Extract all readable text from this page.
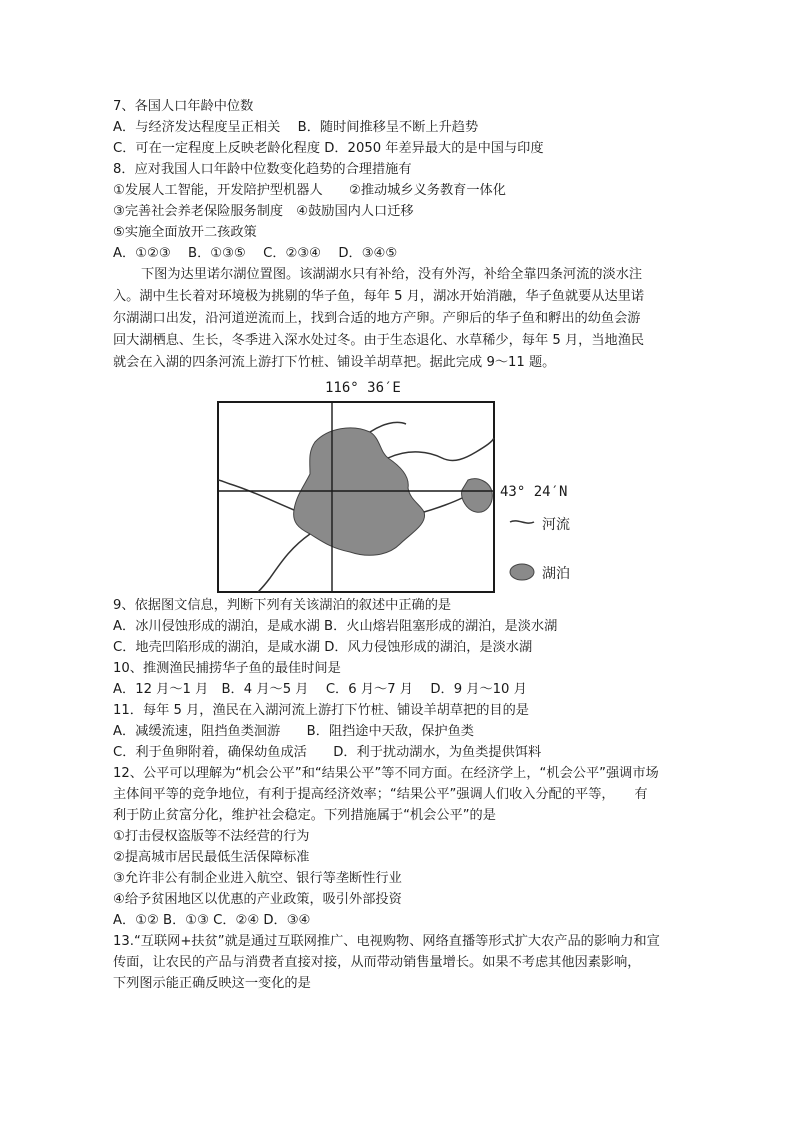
7、各国人口年龄中位数
A．与经济发达程度呈正相关　 B．随时间推移呈不断上升趋势
C．可在一定程度上反映老龄化程度 D．2050 年差异最大的是中国与印度
8．应对我国人口年龄中位数变化趋势的合理措施有
①发展人工智能，开发陪护型机器人　　②推动城乡义务教育一体化
③完善社会养老保险服务制度　④鼓励国内人口迁移
⑤实施全面放开二孩政策
A．①②③　 B．①③⑤　 C．②③④　 D．③④⑤
下图为达里诺尔湖位置图。该湖湖水只有补给，没有外泻，补给全靠四条河流的淡水注
入。湖中生长着对环境极为挑剔的华子鱼，每年 5 月，湖冰开始消融，华子鱼就要从达里诺
尔湖湖口出发，沿河道逆流而上，找到合适的地方产卵。产卵后的华子鱼和孵出的幼鱼会游
回大湖栖息、生长，冬季进入深水处过冬。由于生态退化、水草稀少，每年 5 月，当地渔民
就会在入湖的四条河流上游打下竹桩、铺设羊胡草把。据此完成 9～11 题。
116° 36′E
43° 24′N
河流
湖泊
9、依据图文信息，判断下列有关该湖泊的叙述中正确的是
A．冰川侵蚀形成的湖泊，是咸水湖 B．火山熔岩阻塞形成的湖泊，是淡水湖
C．地壳凹陷形成的湖泊，是咸水湖 D．风力侵蚀形成的湖泊，是淡水湖
10、推测渔民捕捞华子鱼的最佳时间是
A．12 月～1 月　B．4 月～5 月　 C．6 月～7 月　 D．9 月～10 月
11．每年 5 月，渔民在入湖河流上游打下竹桩、铺设羊胡草把的目的是
A．减缓流速，阻挡鱼类洄游　　B．阻挡途中天敌，保护鱼类
C．利于鱼卵附着，确保幼鱼成活　　D．利于扰动湖水，为鱼类提供饵料
12、公平可以理解为“机会公平”和“结果公平”等不同方面。在经济学上，“机会公平”强调市场
主体间平等的竞争地位，有利于提高经济效率；“结果公平”强调人们收入分配的平等，　　有
利于防止贫富分化，维护社会稳定。下列措施属于“机会公平”的是
①打击侵权盗版等不法经营的行为
②提高城市居民最低生活保障标准
③允许非公有制企业进入航空、银行等垄断性行业
④给予贫困地区以优惠的产业政策，吸引外部投资
A．①② B．①③ C．②④ D．③④
13.“互联网+扶贫”就是通过互联网推广、电视购物、网络直播等形式扩大农产品的影响力和宣
传面，让农民的产品与消费者直接对接，从而带动销售量增长。如果不考虑其他因素影响，
下列图示能正确反映这一变化的是
